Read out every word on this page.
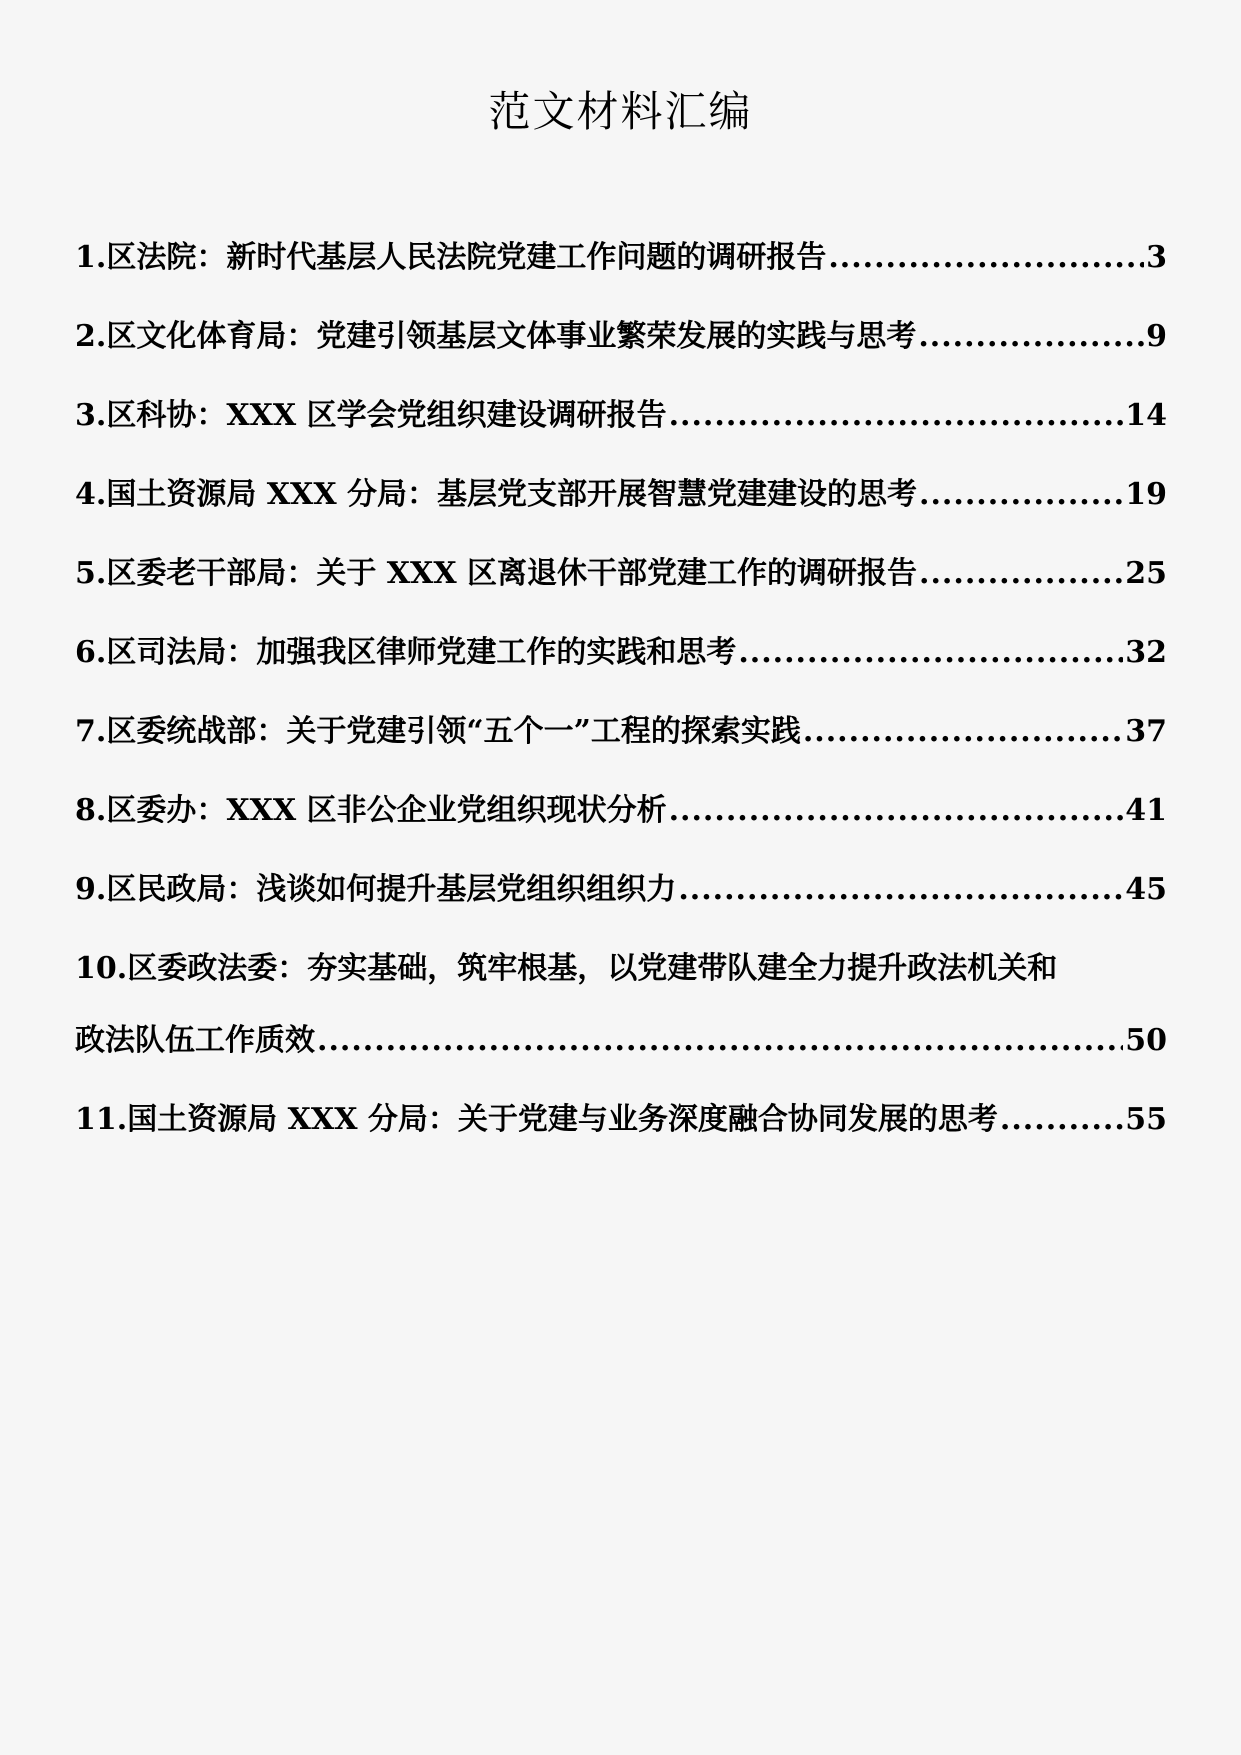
范文材料汇编
1.区法院：新时代基层人民法院党建工作问题的调研报告 .....	3
2.区文化体育局：党建引领基层文体事业繁荣发展的实践与思考 .....	9
3.区科协：XXX 区学会党组织建设调研报告 .....	14
4.国土资源局 XXX 分局：基层党支部开展智慧党建建设的思考 .....	19
5.区委老干部局：关于 XXX 区离退休干部党建工作的调研报告 .....	25
6.区司法局：加强我区律师党建工作的实践和思考 .....	32
7.区委统战部：关于党建引领“五个一”工程的探索实践 .....	37
8.区委办：XXX 区非公企业党组织现状分析 .....	41
9.区民政局：浅谈如何提升基层党组织组织力 .....	45
10.区委政法委：夯实基础，筑牢根基，以党建带队建全力提升政法机关和
政法队伍工作质效 .....	50
11.国土资源局 XXX 分局：关于党建与业务深度融合协同发展的思考 .....	55
